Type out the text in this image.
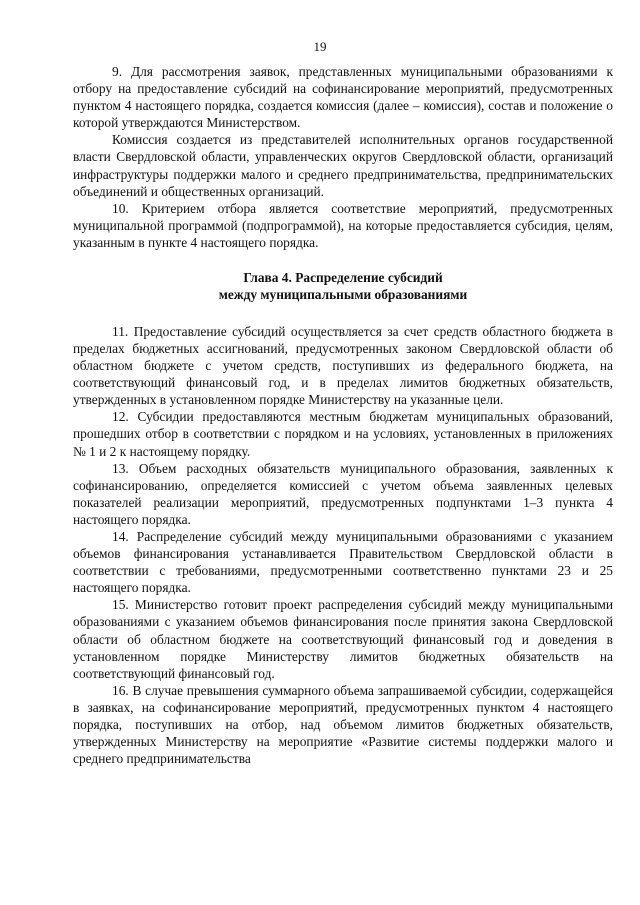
19

9. Для рассмотрения заявок, представленных муниципальными образованиями к отбору на предоставление субсидий на софинансирование мероприятий, предусмотренных пунктом 4 настоящего порядка, создается комиссия (далее – комиссия), состав и положение о которой утверждаются Министерством.

Комиссия создается из представителей исполнительных органов государственной власти Свердловской области, управленческих округов Свердловской области, организаций инфраструктуры поддержки малого и среднего предпринимательства, предпринимательских объединений и общественных организаций.

10. Критерием отбора является соответствие мероприятий, предусмотренных муниципальной программой (подпрограммой), на которые предоставляется субсидия, целям, указанным в пункте 4 настоящего порядка.

Глава 4. Распределение субсидий
между муниципальными образованиями

11. Предоставление субсидий осуществляется за счет средств областного бюджета в пределах бюджетных ассигнований, предусмотренных законом Свердловской области об областном бюджете с учетом средств, поступивших из федерального бюджета, на соответствующий финансовый год, и в пределах лимитов бюджетных обязательств, утвержденных в установленном порядке Министерству на указанные цели.

12. Субсидии предоставляются местным бюджетам муниципальных образований, прошедших отбор в соответствии с порядком и на условиях, установленных в приложениях № 1 и 2 к настоящему порядку.

13. Объем расходных обязательств муниципального образования, заявленных к софинансированию, определяется комиссией с учетом объема заявленных целевых показателей реализации мероприятий, предусмотренных подпунктами 1–3 пункта 4 настоящего порядка.

14. Распределение субсидий между муниципальными образованиями с указанием объемов финансирования устанавливается Правительством Свердловской области в соответствии с требованиями, предусмотренными соответственно пунктами 23 и 25 настоящего порядка.

15. Министерство готовит проект распределения субсидий между муниципальными образованиями с указанием объемов финансирования после принятия закона Свердловской области об областном бюджете на соответствующий финансовый год и доведения в установленном порядке Министерству лимитов бюджетных обязательств на соответствующий финансовый год.

16. В случае превышения суммарного объема запрашиваемой субсидии, содержащейся в заявках, на софинансирование мероприятий, предусмотренных пунктом 4 настоящего порядка, поступивших на отбор, над объемом лимитов бюджетных обязательств, утвержденных Министерству на мероприятие «Развитие системы поддержки малого и среднего предпринимательства
